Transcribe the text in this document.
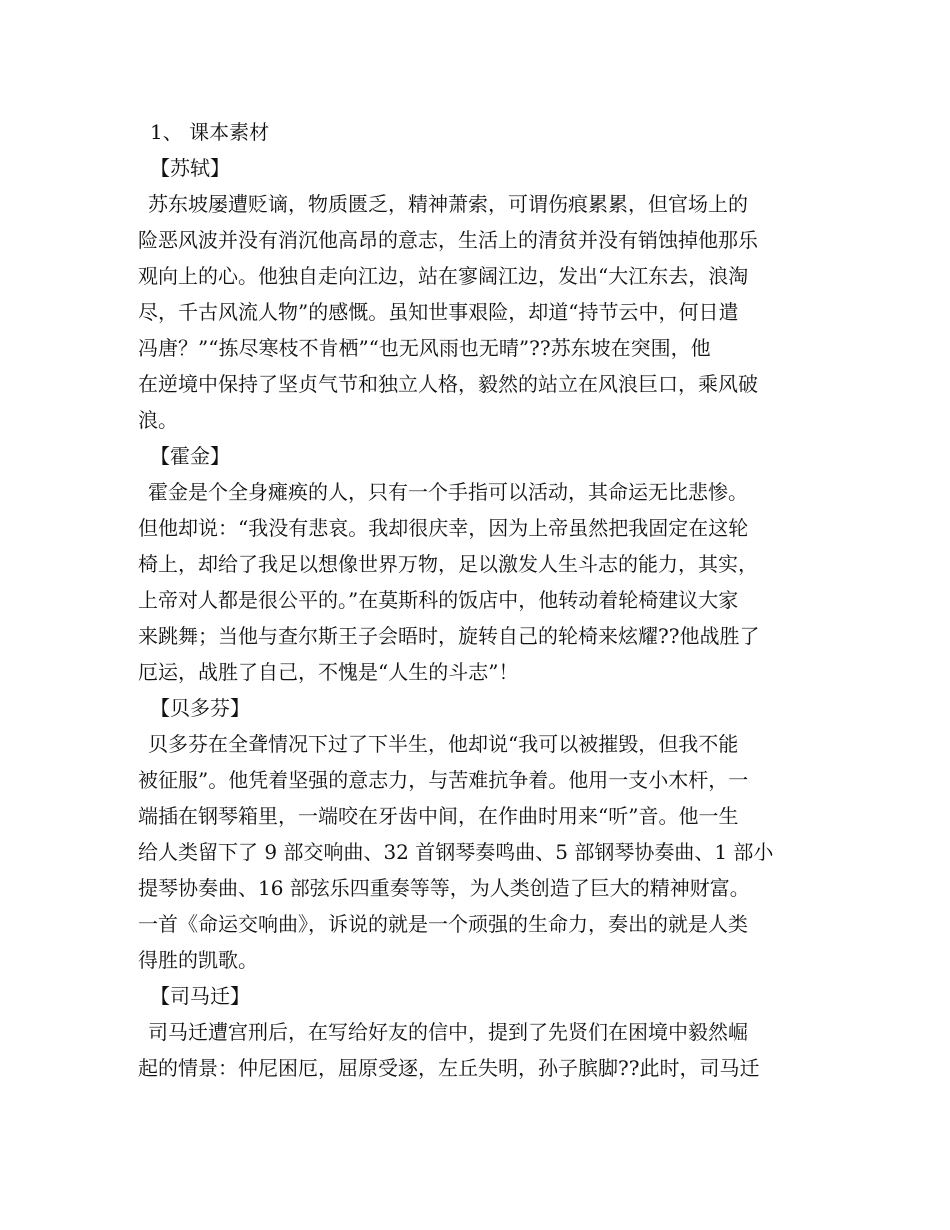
1、 课本素材
【苏轼】
苏东坡屡遭贬谪，物质匮乏，精神萧索，可谓伤痕累累，但官场上的
险恶风波并没有消沉他高昂的意志，生活上的清贫并没有销蚀掉他那乐
观向上的心。他独自走向江边，站在寥阔江边，发出“大江东去，浪淘
尽，千古风流人物”的感慨。虽知世事艰险，却道“持节云中，何日遣
冯唐？”“拣尽寒枝不肯栖”“也无风雨也无晴”??苏东坡在突围，他
在逆境中保持了坚贞气节和独立人格，毅然的站立在风浪巨口，乘风破
浪。
【霍金】
霍金是个全身瘫痪的人，只有一个手指可以活动，其命运无比悲惨。
但他却说：“我没有悲哀。我却很庆幸，因为上帝虽然把我固定在这轮
椅上，却给了我足以想像世界万物，足以激发人生斗志的能力，其实，
上帝对人都是很公平的。”在莫斯科的饭店中，他转动着轮椅建议大家
来跳舞；当他与查尔斯王子会晤时，旋转自己的轮椅来炫耀??他战胜了
厄运，战胜了自己，不愧是“人生的斗志”！
【贝多芬】
贝多芬在全聋情况下过了下半生，他却说“我可以被摧毁，但我不能
被征服”。他凭着坚强的意志力，与苦难抗争着。他用一支小木杆，一
端插在钢琴箱里，一端咬在牙齿中间，在作曲时用来“听”音。他一生
给人类留下了 9 部交响曲、32 首钢琴奏鸣曲、5 部钢琴协奏曲、1 部小
提琴协奏曲、16 部弦乐四重奏等等，为人类创造了巨大的精神财富。
一首《命运交响曲》，诉说的就是一个顽强的生命力，奏出的就是人类
得胜的凯歌。
【司马迁】
司马迁遭宫刑后，在写给好友的信中，提到了先贤们在困境中毅然崛
起的情景：仲尼困厄，屈原受逐，左丘失明，孙子膑脚??此时，司马迁
